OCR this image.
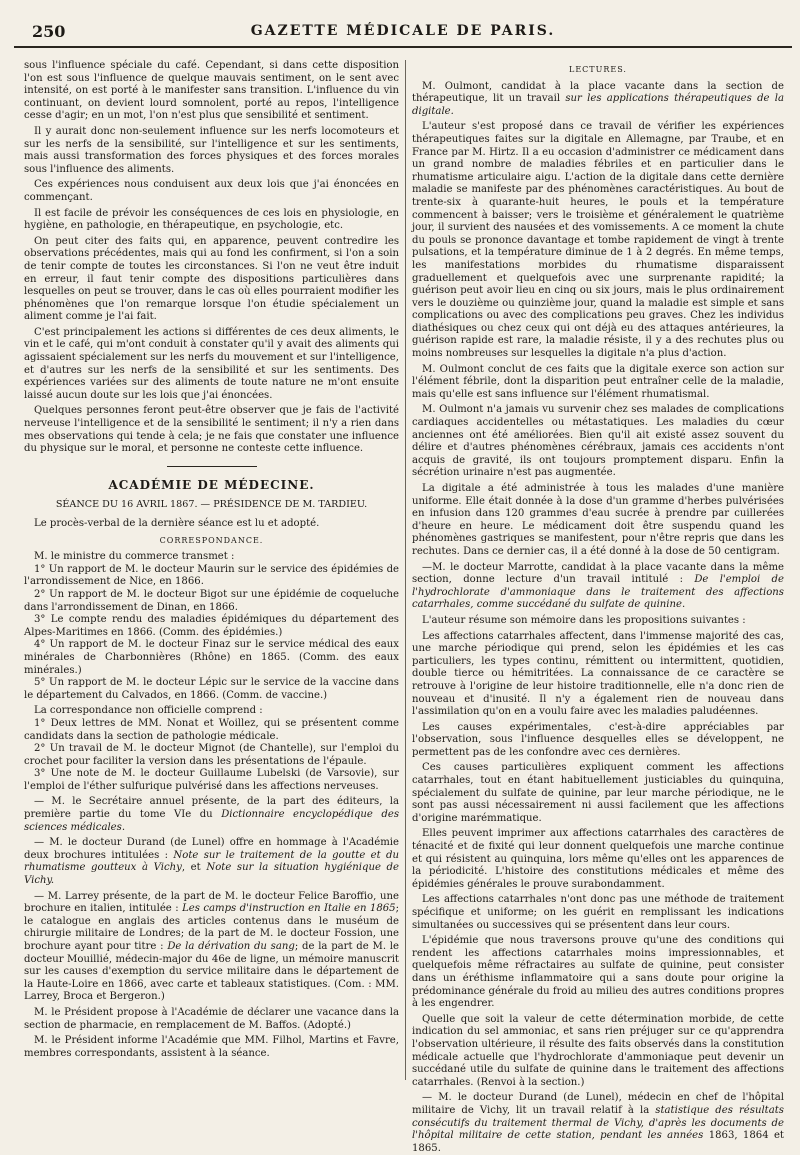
250	GAZETTE MÉDICALE DE PARIS.

sous l'influence spéciale du café. Cependant, si dans cette disposition l'on est sous l'influence de quelque mauvais sentiment, on le sent avec intensité, on est porté à le manifester sans transition. L'influence du vin continuant, on devient lourd somnolent, porté au repos, l'intelligence cesse d'agir; en un mot, l'on n'est plus que sensibilité et sentiment.

Il y aurait donc non-seulement influence sur les nerfs locomoteurs et sur les nerfs de la sensibilité, sur l'intelligence et sur les sentiments, mais aussi transformation des forces physiques et des forces morales sous l'influence des aliments.

Ces expériences nous conduisent aux deux lois que j'ai énoncées en commençant.

Il est facile de prévoir les conséquences de ces lois en physiologie, en hygiène, en pathologie, en thérapeutique, en psychologie, etc.

On peut citer des faits qui, en apparence, peuvent contredire les observations précédentes, mais qui au fond les confirment, si l'on a soin de tenir compte de toutes les circonstances. Si l'on ne veut être induit en erreur, il faut tenir compte des dispositions particulières dans lesquelles on peut se trouver, dans le cas où elles pourraient modifier les phénomènes que l'on remarque lorsque l'on étudie spécialement un aliment comme je l'ai fait.

C'est principalement les actions si différentes de ces deux aliments, le vin et le café, qui m'ont conduit à constater qu'il y avait des aliments qui agissaient spécialement sur les nerfs du mouvement et sur l'intelligence, et d'autres sur les nerfs de la sensibilité et sur les sentiments. Des expériences variées sur des aliments de toute nature ne m'ont ensuite laissé aucun doute sur les lois que j'ai énoncées.

Quelques personnes feront peut-être observer que je fais de l'activité nerveuse l'intelligence et de la sensibilité le sentiment; il n'y a rien dans mes observations qui tende à cela; je ne fais que constater une influence du physique sur le moral, et personne ne conteste cette influence.

ACADÉMIE DE MÉDECINE.
SÉANCE DU 16 AVRIL 1867. — PRÉSIDENCE DE M. TARDIEU.

Le procès-verbal de la dernière séance est lu et adopté.

CORRESPONDANCE.

M. le ministre du commerce transmet :

1° Un rapport de M. le docteur Maurin sur le service des épidémies de l'arrondissement de Nice, en 1866.

2° Un rapport de M. le docteur Bigot sur une épidémie de coqueluche dans l'arrondissement de Dinan, en 1866.

3° Le compte rendu des maladies épidémiques du département des Alpes-Maritimes en 1866. (Comm. des épidémies.)

4° Un rapport de M. le docteur Finaz sur le service médical des eaux minérales de Charbonnières (Rhône) en 1865. (Comm. des eaux minérales.)

5° Un rapport de M. le docteur Lépic sur le service de la vaccine dans le département du Calvados, en 1866. (Comm. de vaccine.)

La correspondance non officielle comprend :

1° Deux lettres de MM. Nonat et Woillez, qui se présentent comme candidats dans la section de pathologie médicale.

2° Un travail de M. le docteur Mignot (de Chantelle), sur l'emploi du crochet pour faciliter la version dans les présentations de l'épaule.

3° Une note de M. le docteur Guillaume Lubelski (de Varsovie), sur l'emploi de l'éther sulfurique pulvérisé dans les affections nerveuses.

— M. le Secrétaire annuel présente, de la part des éditeurs, la première partie du tome VIe du Dictionnaire encyclopédique des sciences médicales.

— M. le docteur Durand (de Lunel) offre en hommage à l'Académie deux brochures intitulées : Note sur le traitement de la goutte et du rhumatisme goutteux à Vichy, et Note sur la situation hygiénique de Vichy.

— M. Larrey présente, de la part de M. le docteur Felice Baroffio, une brochure en italien, intitulée : Les camps d'instruction en Italie en 1865; le catalogue en anglais des articles contenus dans le muséum de chirurgie militaire de Londres; de la part de M. le docteur Fossion, une brochure ayant pour titre : De la dérivation du sang; de la part de M. le docteur Mouillié, médecin-major du 46e de ligne, un mémoire manuscrit sur les causes d'exemption du service militaire dans le département de la Haute-Loire en 1866, avec carte et tableaux statistiques. (Com. : MM. Larrey, Broca et Bergeron.)

M. le Président propose à l'Académie de déclarer une vacance dans la section de pharmacie, en remplacement de M. Baffos. (Adopté.)

M. le Président informe l'Académie que MM. Filhol, Martins et Favre, membres correspondants, assistent à la séance.

LECTURES.

M. Oulmont, candidat à la place vacante dans la section de thérapeutique, lit un travail sur les applications thérapeutiques de la digitale.

L'auteur s'est proposé dans ce travail de vérifier les expériences thérapeutiques faites sur la digitale en Allemagne, par Traube, et en France par M. Hirtz. Il a eu occasion d'administrer ce médicament dans un grand nombre de maladies fébriles et en particulier dans le rhumatisme articulaire aigu. L'action de la digitale dans cette dernière maladie se manifeste par des phénomènes caractéristiques. Au bout de trente-six à quarante-huit heures, le pouls et la température commencent à baisser; vers le troisième et généralement le quatrième jour, il survient des nausées et des vomissements. A ce moment la chute du pouls se prononce davantage et tombe rapidement de vingt à trente pulsations, et la température diminue de 1 à 2 degrés. En même temps, les manifestations morbides du rhumatisme disparaissent graduellement et quelquefois avec une surprenante rapidité; la guérison peut avoir lieu en cinq ou six jours, mais le plus ordinairement vers le douzième ou quinzième jour, quand la maladie est simple et sans complications ou avec des complications peu graves. Chez les individus diathésiques ou chez ceux qui ont déjà eu des attaques antérieures, la guérison rapide est rare, la maladie résiste, il y a des rechutes plus ou moins nombreuses sur lesquelles la digitale n'a plus d'action.

M. Oulmont conclut de ces faits que la digitale exerce son action sur l'élément fébrile, dont la disparition peut entraîner celle de la maladie, mais qu'elle est sans influence sur l'élément rhumatismal.

M. Oulmont n'a jamais vu survenir chez ses malades de complications cardiaques accidentelles ou métastatiques. Les maladies du cœur anciennes ont été améliorées. Bien qu'il ait existé assez souvent du délire et d'autres phénomènes cérébraux, jamais ces accidents n'ont acquis de gravité, ils ont toujours promptement disparu. Enfin la sécrétion urinaire n'est pas augmentée.

La digitale a été administrée à tous les malades d'une manière uniforme. Elle était donnée à la dose d'un gramme d'herbes pulvérisées en infusion dans 120 grammes d'eau sucrée à prendre par cuillerées d'heure en heure. Le médicament doit être suspendu quand les phénomènes gastriques se manifestent, pour n'être repris que dans les rechutes. Dans ce dernier cas, il a été donné à la dose de 50 centigram.

—M. le docteur Marrotte, candidat à la place vacante dans la même section, donne lecture d'un travail intitulé : De l'emploi de l'hydrochlorate d'ammoniaque dans le traitement des affections catarrhales, comme succédané du sulfate de quinine.

L'auteur résume son mémoire dans les propositions suivantes :

Les affections catarrhales affectent, dans l'immense majorité des cas, une marche périodique qui prend, selon les épidémies et les cas particuliers, les types continu, rémittent ou intermittent, quotidien, double tierce ou hémitritées. La connaissance de ce caractère se retrouve à l'origine de leur histoire traditionnelle, elle n'a donc rien de nouveau et d'inusité. Il n'y a également rien de nouveau dans l'assimilation qu'on en a voulu faire avec les maladies paludéennes.

Les causes expérimentales, c'est-à-dire appréciables par l'observation, sous l'influence desquelles elles se développent, ne permettent pas de les confondre avec ces dernières.

Ces causes particulières expliquent comment les affections catarrhales, tout en étant habituellement justiciables du quinquina, spécialement du sulfate de quinine, par leur marche périodique, ne le sont pas aussi nécessairement ni aussi facilement que les affections d'origine marémmatique.

Elles peuvent imprimer aux affections catarrhales des caractères de ténacité et de fixité qui leur donnent quelquefois une marche continue et qui résistent au quinquina, lors même qu'elles ont les apparences de la périodicité. L'histoire des constitutions médicales et même des épidémies générales le prouve surabondamment.

Les affections catarrhales n'ont donc pas une méthode de traitement spécifique et uniforme; on les guérit en remplissant les indications simultanées ou successives qui se présentent dans leur cours.

L'épidémie que nous traversons prouve qu'une des conditions qui rendent les affections catarrhales moins impressionnables, et quelquefois même réfractaires au sulfate de quinine, peut consister dans un éréthisme inflammatoire qui a sans doute pour origine la prédominance générale du froid au milieu des autres conditions propres à les engendrer.

Quelle que soit la valeur de cette détermination morbide, de cette indication du sel ammoniac, et sans rien préjuger sur ce qu'apprendra l'observation ultérieure, il résulte des faits observés dans la constitution médicale actuelle que l'hydrochlorate d'ammoniaque peut devenir un succédané utile du sulfate de quinine dans le traitement des affections catarrhales. (Renvoi à la section.)

— M. le docteur Durand (de Lunel), médecin en chef de l'hôpital militaire de Vichy, lit un travail relatif à la statistique des résultats consécutifs du traitement thermal de Vichy, d'après les documents de l'hôpital militaire de cette station, pendant les années 1863, 1864 et 1865.
